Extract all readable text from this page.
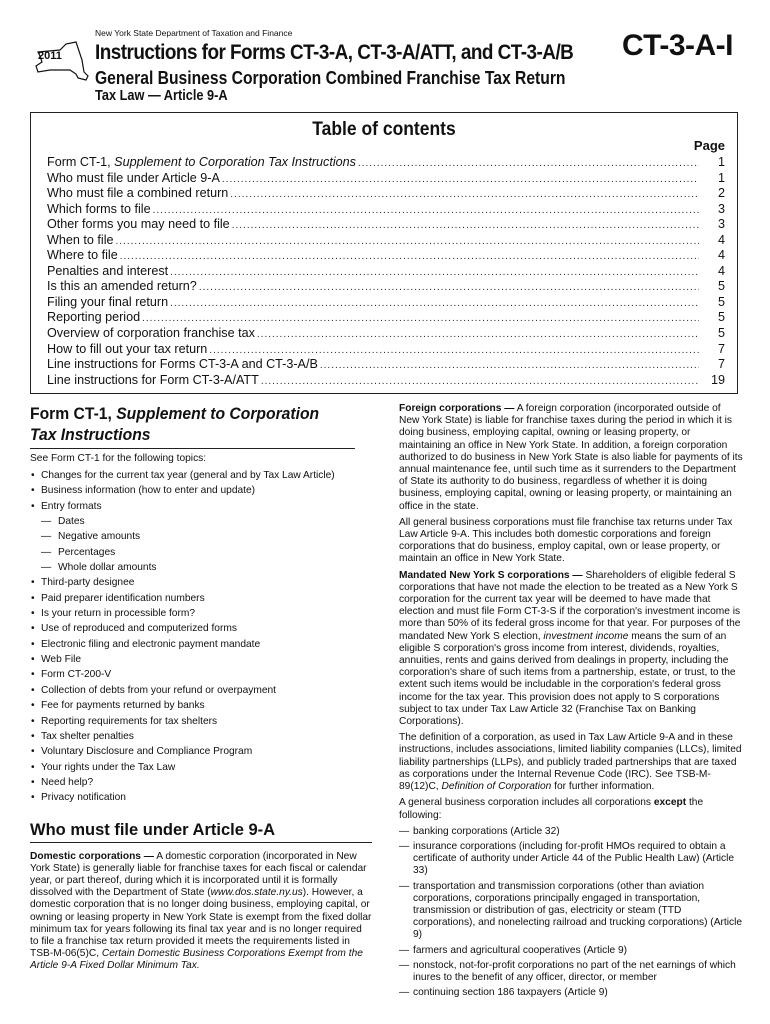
New York State Department of Taxation and Finance
2011 Instructions for Forms CT-3-A, CT-3-A/ATT, and CT-3-A/B CT-3-A-I
General Business Corporation Combined Franchise Tax Return
Tax Law — Article 9-A
Table of contents
Page
Form CT-1, Supplement to Corporation Tax Instructions .....	1
Who must file under Article 9-A .....	1
Who must file a combined return .....	2
Which forms to file .....	3
Other forms you may need to file .....	3
When to file .....	4
Where to file .....	4
Penalties and interest .....	4
Is this an amended return? .....	5
Filing your final return .....	5
Reporting period .....	5
Overview of corporation franchise tax .....	5
How to fill out your tax return .....	7
Line instructions for Forms CT-3-A and CT-3-A/B .....	7
Line instructions for Form CT-3-A/ATT .....	19
Form CT-1, Supplement to Corporation
Tax Instructions
See Form CT-1 for the following topics:
• Changes for the current tax year (general and by Tax Law Article)
• Business information (how to enter and update)
• Entry formats
— Dates
— Negative amounts
— Percentages
— Whole dollar amounts
• Third-party designee
• Paid preparer identification numbers
• Is your return in processible form?
• Use of reproduced and computerized forms
• Electronic filing and electronic payment mandate
• Web File
• Form CT-200-V
• Collection of debts from your refund or overpayment
• Fee for payments returned by banks
• Reporting requirements for tax shelters
• Tax shelter penalties
• Voluntary Disclosure and Compliance Program
• Your rights under the Tax Law
• Need help?
• Privacy notification
Who must file under Article 9-A

Domestic corporations — A domestic corporation (incorporated in New York State) is generally liable for franchise taxes for each fiscal or calendar year, or part thereof, during which it is incorporated until it is formally dissolved with the Department of State (www.dos.state.ny.us). However, a domestic corporation that is no longer doing business, employing capital, or owning or leasing property in New York State is exempt from the fixed dollar minimum tax for years following its final tax year and is no longer required to file a franchise tax return provided it meets the requirements listed in TSB-M-06(5)C, Certain Domestic Business Corporations Exempt from the Article 9-A Fixed Dollar Minimum Tax.

Foreign corporations — A foreign corporation (incorporated outside of New York State) is liable for franchise taxes during the period in which it is doing business, employing capital, owning or leasing property, or maintaining an office in New York State. In addition, a foreign corporation authorized to do business in New York State is also liable for payments of its annual maintenance fee, until such time as it surrenders to the Department of State its authority to do business, regardless of whether it is doing business, employing capital, owning or leasing property, or maintaining an office in the state.

All general business corporations must file franchise tax returns under Tax Law Article 9-A. This includes both domestic corporations and foreign corporations that do business, employ capital, own or lease property, or maintain an office in New York State.

Mandated New York S corporations — Shareholders of eligible federal S corporations that have not made the election to be treated as a New York S corporation for the current tax year will be deemed to have made that election and must file Form CT-3-S if the corporation's investment income is more than 50% of its federal gross income for that year. For purposes of the mandated New York S election, investment income means the sum of an eligible S corporation's gross income from interest, dividends, royalties, annuities, rents and gains derived from dealings in property, including the corporation's share of such items from a partnership, estate, or trust, to the extent such items would be includable in the corporation's federal gross income for the tax year. This provision does not apply to S corporations subject to tax under Tax Law Article 32 (Franchise Tax on Banking Corporations).

The definition of a corporation, as used in Tax Law Article 9-A and in these instructions, includes associations, limited liability companies (LLCs), limited liability partnerships (LLPs), and publicly traded partnerships that are taxed as corporations under the Internal Revenue Code (IRC). See TSB-M-89(12)C, Definition of Corporation for further information.

A general business corporation includes all corporations except the following:

— banking corporations (Article 32)
— insurance corporations (including for-profit HMOs required to obtain a certificate of authority under Article 44 of the Public Health Law) (Article 33)
— transportation and transmission corporations (other than aviation corporations, corporations principally engaged in transportation, transmission or distribution of gas, electricity or steam (TTD corporations), and nonelecting railroad and trucking corporations) (Article 9)
— farmers and agricultural cooperatives (Article 9)
— nonstock, not-for-profit corporations no part of the net earnings of which inures to the benefit of any officer, director, or member
— continuing section 186 taxpayers (Article 9)
